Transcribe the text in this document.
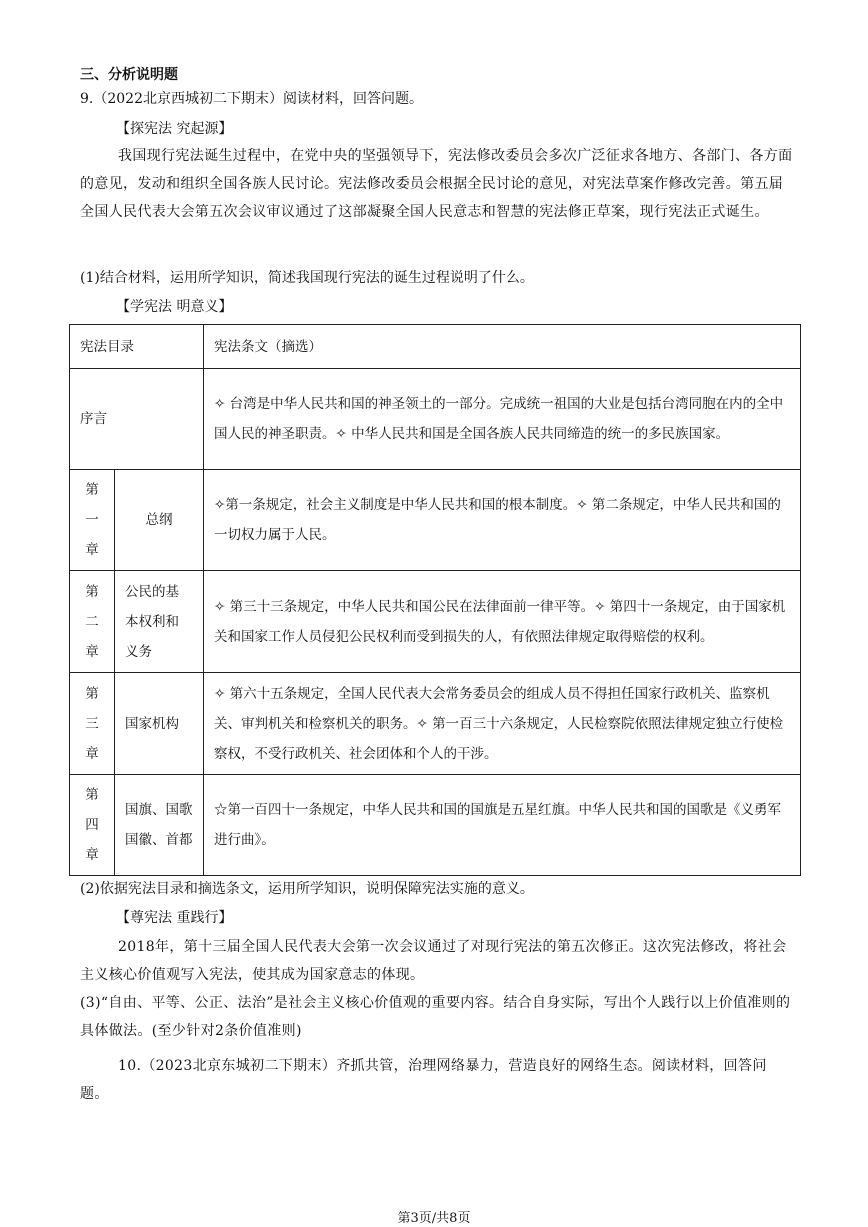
三、分析说明题
9.（2022北京西城初二下期末）阅读材料，回答问题。
【探宪法 究起源】
我国现行宪法诞生过程中，在党中央的坚强领导下，宪法修改委员会多次广泛征求各地方、各部门、各方面的意见，发动和组织全国各族人民讨论。宪法修改委员会根据全民讨论的意见，对宪法草案作修改完善。第五届全国人民代表大会第五次会议审议通过了这部凝聚全国人民意志和智慧的宪法修正草案，现行宪法正式诞生。
(1)结合材料，运用所学知识，简述我国现行宪法的诞生过程说明了什么。
【学宪法 明意义】
宪法目录		宪法条文（摘选）
序言		✧ 台湾是中华人民共和国的神圣领土的一部分。完成统一祖国的大业是包括台湾同胞在内的全中国人民的神圣职责。✧ 中华人民共和国是全国各族人民共同缔造的统一的多民族国家。
第一章	总纲	✧第一条规定，社会主义制度是中华人民共和国的根本制度。✧ 第二条规定，中华人民共和国的一切权力属于人民。
第二章	公民的基本权利和义务	✧ 第三十三条规定，中华人民共和国公民在法律面前一律平等。✧ 第四十一条规定，由于国家机关和国家工作人员侵犯公民权利而受到损失的人，有依照法律规定取得赔偿的权利。
第三章	国家机构	✧ 第六十五条规定，全国人民代表大会常务委员会的组成人员不得担任国家行政机关、监察机关、审判机关和检察机关的职务。✧ 第一百三十六条规定，人民检察院依照法律规定独立行使检察权，不受行政机关、社会团体和个人的干涉。
第四章	国旗、国歌国徽、首都	☆第一百四十一条规定，中华人民共和国的国旗是五星红旗。中华人民共和国的国歌是《义勇军进行曲》。
(2)依据宪法目录和摘选条文，运用所学知识，说明保障宪法实施的意义。
【尊宪法 重践行】
2018年，第十三届全国人民代表大会第一次会议通过了对现行宪法的第五次修正。这次宪法修改，将社会主义核心价值观写入宪法，使其成为国家意志的体现。
(3)“自由、平等、公正、法治”是社会主义核心价值观的重要内容。结合自身实际，写出个人践行以上价值准则的具体做法。(至少针对2条价值准则)
10.（2023北京东城初二下期末）齐抓共管，治理网络暴力，营造良好的网络生态。阅读材料，回答问题。
第3页/共8页
